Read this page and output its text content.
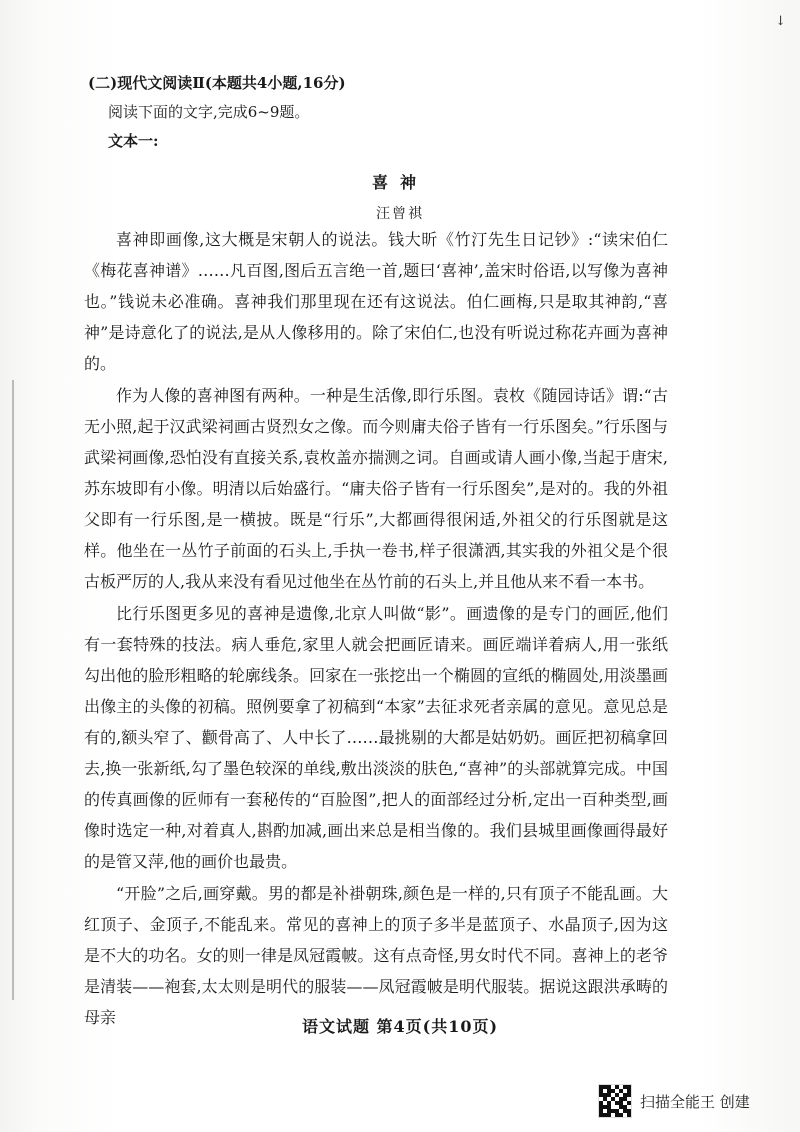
↓
(二)现代文阅读Ⅱ(本题共4小题,16分)
阅读下面的文字,完成6~9题。
文本一:
喜神
汪曾祺

喜神即画像,这大概是宋朝人的说法。钱大昕《竹汀先生日记钞》:“读宋伯仁《梅花喜神谱》……凡百图,图后五言绝一首,题曰‘喜神’,盖宋时俗语,以写像为喜神也。”钱说未必准确。喜神我们那里现在还有这说法。伯仁画梅,只是取其神韵,“喜神”是诗意化了的说法,是从人像移用的。除了宋伯仁,也没有听说过称花卉画为喜神的。

作为人像的喜神图有两种。一种是生活像,即行乐图。袁枚《随园诗话》谓:“古无小照,起于汉武梁祠画古贤烈女之像。而今则庸夫俗子皆有一行乐图矣。”行乐图与武梁祠画像,恐怕没有直接关系,袁枚盖亦揣测之词。自画或请人画小像,当起于唐宋,苏东坡即有小像。明清以后始盛行。“庸夫俗子皆有一行乐图矣”,是对的。我的外祖父即有一行乐图,是一横披。既是“行乐”,大都画得很闲适,外祖父的行乐图就是这样。他坐在一丛竹子前面的石头上,手执一卷书,样子很潇洒,其实我的外祖父是个很古板严厉的人,我从来没有看见过他坐在丛竹前的石头上,并且他从来不看一本书。

比行乐图更多见的喜神是遗像,北京人叫做“影”。画遗像的是专门的画匠,他们有一套特殊的技法。病人垂危,家里人就会把画匠请来。画匠端详着病人,用一张纸勾出他的脸形粗略的轮廓线条。回家在一张挖出一个椭圆的宣纸的椭圆处,用淡墨画出像主的头像的初稿。照例要拿了初稿到“本家”去征求死者亲属的意见。意见总是有的,额头窄了、颧骨高了、人中长了……最挑剔的大都是姑奶奶。画匠把初稿拿回去,换一张新纸,勾了墨色较深的单线,敷出淡淡的肤色,“喜神”的头部就算完成。中国的传真画像的匠师有一套秘传的“百脸图”,把人的面部经过分析,定出一百种类型,画像时选定一种,对着真人,斟酌加减,画出来总是相当像的。我们县城里画像画得最好的是管又萍,他的画价也最贵。

“开脸”之后,画穿戴。男的都是补褂朝珠,颜色是一样的,只有顶子不能乱画。大红顶子、金顶子,不能乱来。常见的喜神上的顶子多半是蓝顶子、水晶顶子,因为这是不大的功名。女的则一律是凤冠霞帔。这有点奇怪,男女时代不同。喜神上的老爷是清装——袍套,太太则是明代的服装——凤冠霞帔是明代服装。据说这跟洪承畴的母亲	语文试题 第4页(共10页)
扫描全能王 创建
